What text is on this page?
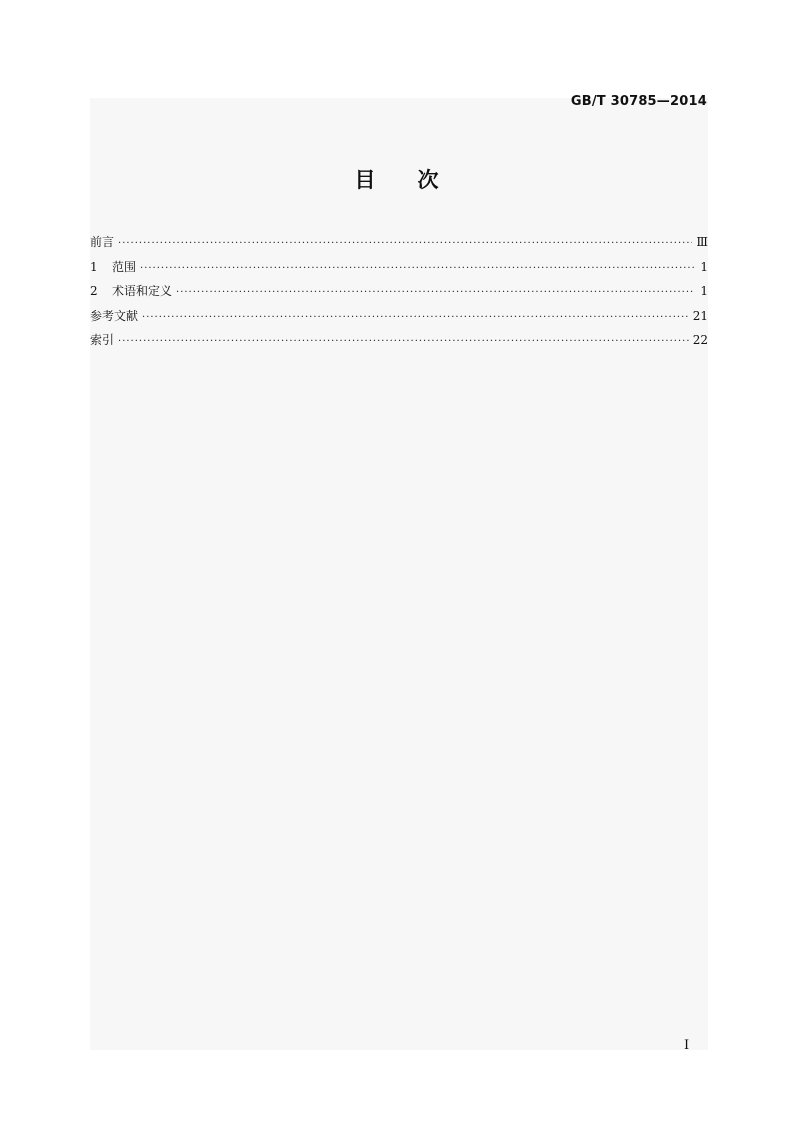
GB/T 30785—2014
目 次
前言 ·····	Ⅲ
1 范围 ·····	1
2 术语和定义 ·····	1
参考文献 ·····	21
索引 ·····	22
Ⅰ
